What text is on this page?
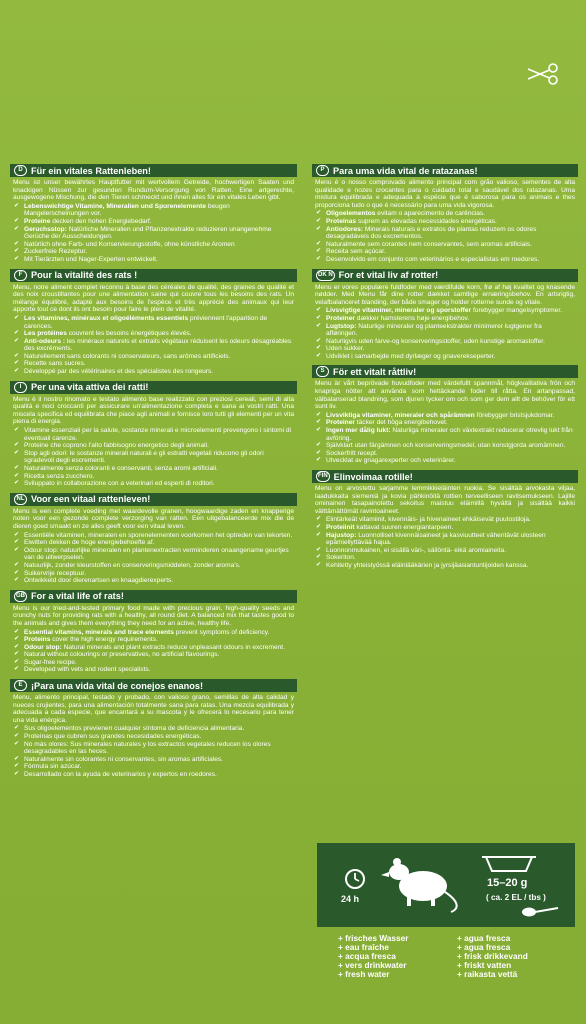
D Für ein vitales Rattenleben!
Menu ist unser bewährtes Hauptfutter mit wertvollem Getreide, hochwertigen Saaten und knackigen Nüssen zur gesunden Rundum-Versorgung von Ratten. Eine artgerechte, ausgewogene Mischung, die den Tieren schmeckt und ihnen alles für ein vitales Leben gibt.
✔ Lebenswichtige Vitamine, Mineralien und Spurenelemente beugen Mangelerscheinungen vor.
✔ Proteine decken den hohen Energiebedarf.
✔ Geruchsstop: Natürliche Mineralien und Pflanzenextrakte reduzieren unangenehme Gerüche der Ausscheidungen.
✔ Natürlich ohne Farb- und Konservierungsstoffe, ohne künstliche Aromen
✔ Zuckerfreie Rezeptur.
✔ Mit Tierärzten und Nager-Experten entwickelt.
F Pour la vitalité des rats !
Menu, notre aliment complet reconnu à base des céréales de qualité, des graines de qualité et des noix croustillantes pour une alimentation saine qui couvre tous les besoins des rats. Un mélange équilibré, adapté aux besoins de l'espèce et très apprécié des animaux qui leur apporte tout ce dont ils ont besoin pour faire le plein de vitalité.
✔ Les vitamines, minéraux et oligoéléments essentiels préviennent l'apparition de carences.
✔ Les protéines couvrent les besoins énergétiques élevés.
✔ Anti-odeurs : les minéraux naturels et extraits végétaux réduisent les odeurs désagréables des excréments.
✔ Naturellement sans colorants ni conservateurs, sans arômes artificiels.
✔ Recette sans sucres.
✔ Développé par des vétérinaires et des spécialistes des rongeurs.
I	Per una vita attiva dei ratti!
Menu è il nostro rinomato e testato alimento base realizzato con preziosi cereali, semi di alta qualità e noci croccanti per assicurare un'alimentazione completa e sana ai vostri ratti. Una miscela specifica ed equilibrata che piace agli animali e fornisce loro tutti gli elementi per un vita piena di energia.
✔ Vitamine essenziali per la salute, sostanze minerali e microelementi prevengono i sintomi di eventuali carenze.
✔ Proteine che coprono l'alto fabbisogno energetico degli animali.
✔ Stop agli odori: le sostanze minerali naturali e gli estratti vegetali riducono gli odori sgradevoli degli escrementi.
✔ Naturalmente senza coloranti e conservanti, senza aromi artificiali.
✔ Ricetta senza zucchero.
✔ Sviluppato in collaborazione con a veterinari ed esperti di roditori.
NL Voor een vitaal rattenleven!
Menu is een complete voeding met waardevolle granen, hoogwaardige zaden en knapperige noten voor een gezonde complete verzorging van ratten. Een uitgebalanceerde mix die de dieren goed smaakt en ze alles geeft voor een vitaal leven.
✔ Essentiële vitaminen, mineralen en sporenelementen voorkomen het optreden van tekorten.
✔ Eiwitten dekken de hoge energiebehoefte af.
✔ Odour stop: natuurlijke mineralen en plantenextracten verminderen onaangename geurtjes van de uitwerpselen.
✔ Natuurlijk, zonder kleurstoffen en conserveringsmiddelen, zonder aroma's.
✔ Suikervrije receptuur.
✔ Ontwikkeld door dierenartsen en knaagdierexperts.
GB For a vital life of rats!
Menu is our tried-and-tested primary food made with precious grain, high-quality seeds and crunchy nuts for providing rats with a healthy, all round diet. A balanced mix that tastes good to the animals and gives them everything they need for an active, healthy life.
✔ Essential vitamins, minerals and trace elements prevent symptoms of deficiency.
✔ Proteins cover the high energy requirements.
✔ Odour stop: Natural minerals and plant extracts reduce unpleasant odours in excrement.
✔ Natural without colourings or preservatives, no artificial flavourings.
✔ Sugar-free recipe.
✔ Developed with vets and rodent specialists.
E ¡Para una vida vital de conejos enanos!
Menu, alimento principal, testado y probado, con valioso grano, semillas de alta calidad y nueces crujientes, para una alimentación totalmente sana para ratas. Una mezcla equilibrada y adecuada a cada especie, que encantará a su mascota y le ofrecerá lo necesario para tener una vida enérgica.
✔ Sus oligoelementos previenen cualquier síntoma de deficiencia alimentaria.
✔ Proteínas que cubren sus grandes necesidades energéticas.
✔ No más olores: Sus minerales naturales y los extractos vegetales reducen los olores desagradables en las heces.
✔ Naturalmente sin colorantes ni conservantes, sin aromas artificiales.
✔ Fórmula sin azúcar.
✔ Desarrollado con la ayuda de veterinarios y expertos en roedores.
P Para uma vida vital de ratazanas!
Menu é o nosso comprovado alimento principal com grão valioso, sementes de alta qualidade e nozes crocantes para o cuidado total e saudável dos ratazanas. Uma mistura equilibrada e adequada à espécie que é saborosa para os animais e lhes proporciona tudo o que é necessário para uma vida vigorosa.
✔ Oligoelementos evitam o aparecimento de carências.
✔ Proteínas suprem as elevadas necessidades energéticas.
✔ Antiodores: Minerais naturais e extratos de plantas reduzem os odores desagradáveis dos excrementos.
✔ Naturalmente sem corantes nem conservantes, sem aromas artificiais.
✔ Receita sem açúcar.
✔ Desenvolvido em conjunto com veterinários e especialistas em roedores.
DK N For et vital liv af rotter!
Menu er vores populære fuldfoder med værdifulde korn, frø af høj kvalitet og knasende nødder. Med Menu får dine rotter dækket samtlige ernæringsbehov. En artsrigtig, velafbalanceret blanding, der både smager og holder rotterne sunde og vitale.
✔ Livsvigtige vitaminer, mineraler og sporstoffer forebygger mangelsymptomer.
✔ Proteiner dækker hamsterens høje energibehov.
✔ Lugtstop: Naturlige mineraler og planteekstrakter minimerer lugtgener fra afføringen.
✔ Naturligvis uden farve-og konserveringsstoffer, uden kunstige aromastoffer.
✔ Uden sukker.
✔ Udviklet i samarbejde med dyrlæger og gnaverekseperter.
S För ett vitalt råttliv!
Menu är vårt beprövade huvudfoder med värdefullt spannmål, högkvalitativa frön och knapriga nötter att använda som heltäckande foder till råtta. En artanpassad, välbalanserad blandning, som djuren tycker om och som ger dem allt de behöver för ett sunt liv.
✔ Livsviktiga vitaminer, mineraler och spårämnen förebygger bristsjukdomar.
✔ Proteiner täcker det höga energibehovet.
✔ Ingen mer dålig lukt: Naturliga mineraler och växtextrakt reducerar otrevlig lukt från avföring.
✔ Självklart utan färgämnen och konserveringsmedel, utan konstgjorda aromämnen.
✔ Sockerfritt recept.
✔ Utvecklat av gnagarexperter och veterinärer.
FIN Elinvoimaa rotille!
Menu on arvostettu sarjamme lemmikkieläinten ruokia. Se sisältää arvokasta viljaa, laadukkaita siemeniä ja kovia pähkinöitä rottien terveelliseen ravitsemukseen. Lajille ominainen tasapainotettu sekoitus maistuu eläimillä hyvältä ja sisältää kaikki välttämättömät ravintoaineet.
✔ Elintärkeät vitamiinit, kivennäis- ja hivenaineet ehkäisevät puutostiloja.
✔ Proteiinit kattavat suuren energiantarpeen.
✔ Hajustop: Luonnolliset kivennäisaineet ja kasviuutteet vähentävät ulosteen epämiellyttävää hajua.
✔ Luonnonmukainen, ei sisällä väri-, säilöntä- eikä aromiaineita.
✔ Sokeriton.
✔ Kehitetty yhteistyössä eläinlääkärien ja jyrsijäasiantuntijoiden kanssa.
24 h
15–20 g
( ca. 2 EL / tbs )
+ frisches Wasser
+ eau fraîche
+ acqua fresca
+ vers drinkwater
+ fresh water
+ agua fresca
+ agua fresca
+ frisk drikkevand
+ friskt vatten
+ raikasta vettä
